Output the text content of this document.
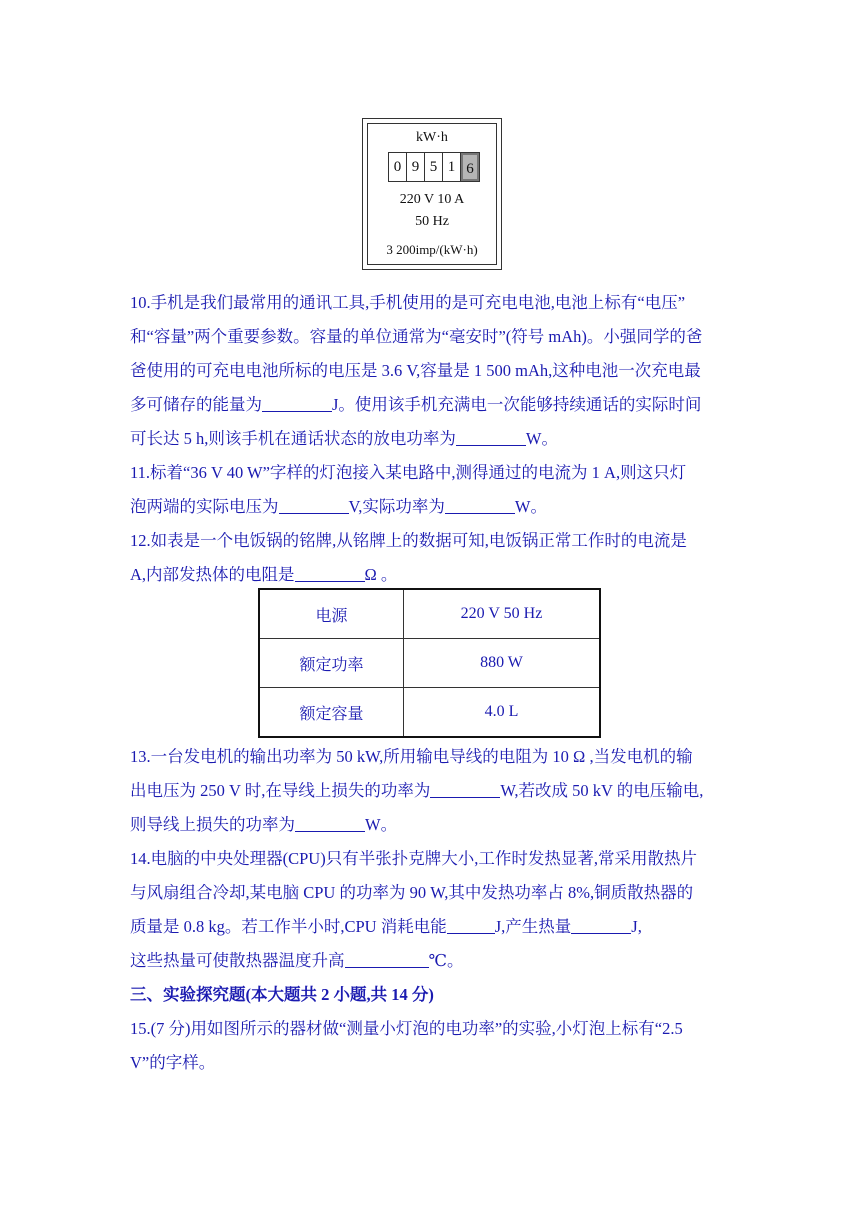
kW·h
0 9 5 1 6
220 V 10 A
50 Hz
3 200imp/(kW·h)
10.手机是我们最常用的通讯工具,手机使用的是可充电电池,电池上标有“电压”
和“容量”两个重要参数。容量的单位通常为“毫安时”(符号 mAh)。小强同学的爸
爸使用的可充电电池所标的电压是 3.6 V,容量是 1 500 mAh,这种电池一次充电最
多可储存的能量为	J。使用该手机充满电一次能够持续通话的实际时间
可长达 5 h,则该手机在通话状态的放电功率为	W。
11.标着“36 V 40 W”字样的灯泡接入某电路中,测得通过的电流为 1 A,则这只灯
泡两端的实际电压为	V,实际功率为	W。
12.如表是一个电饭锅的铭牌,从铭牌上的数据可知,电饭锅正常工作时的电流是
A,内部发热体的电阻是	Ω 。
电源	220 V 50 Hz
额定功率	880 W
额定容量	4.0 L
13.一台发电机的输出功率为 50 kW,所用输电导线的电阻为 10 Ω ,当发电机的输
出电压为 250 V 时,在导线上损失的功率为	W,若改成 50 kV 的电压输电,
则导线上损失的功率为	W。
14.电脑的中央处理器(CPU)只有半张扑克牌大小,工作时发热显著,常采用散热片
与风扇组合冷却,某电脑 CPU 的功率为 90 W,其中发热功率占 8%,铜质散热器的
质量是 0.8 kg。若工作半小时,CPU 消耗电能	J,产生热量	J,
这些热量可使散热器温度升高	℃。
三、实验探究题(本大题共 2 小题,共 14 分)
15.(7 分)用如图所示的器材做“测量小灯泡的电功率”的实验,小灯泡上标有“2.5
V”的字样。
